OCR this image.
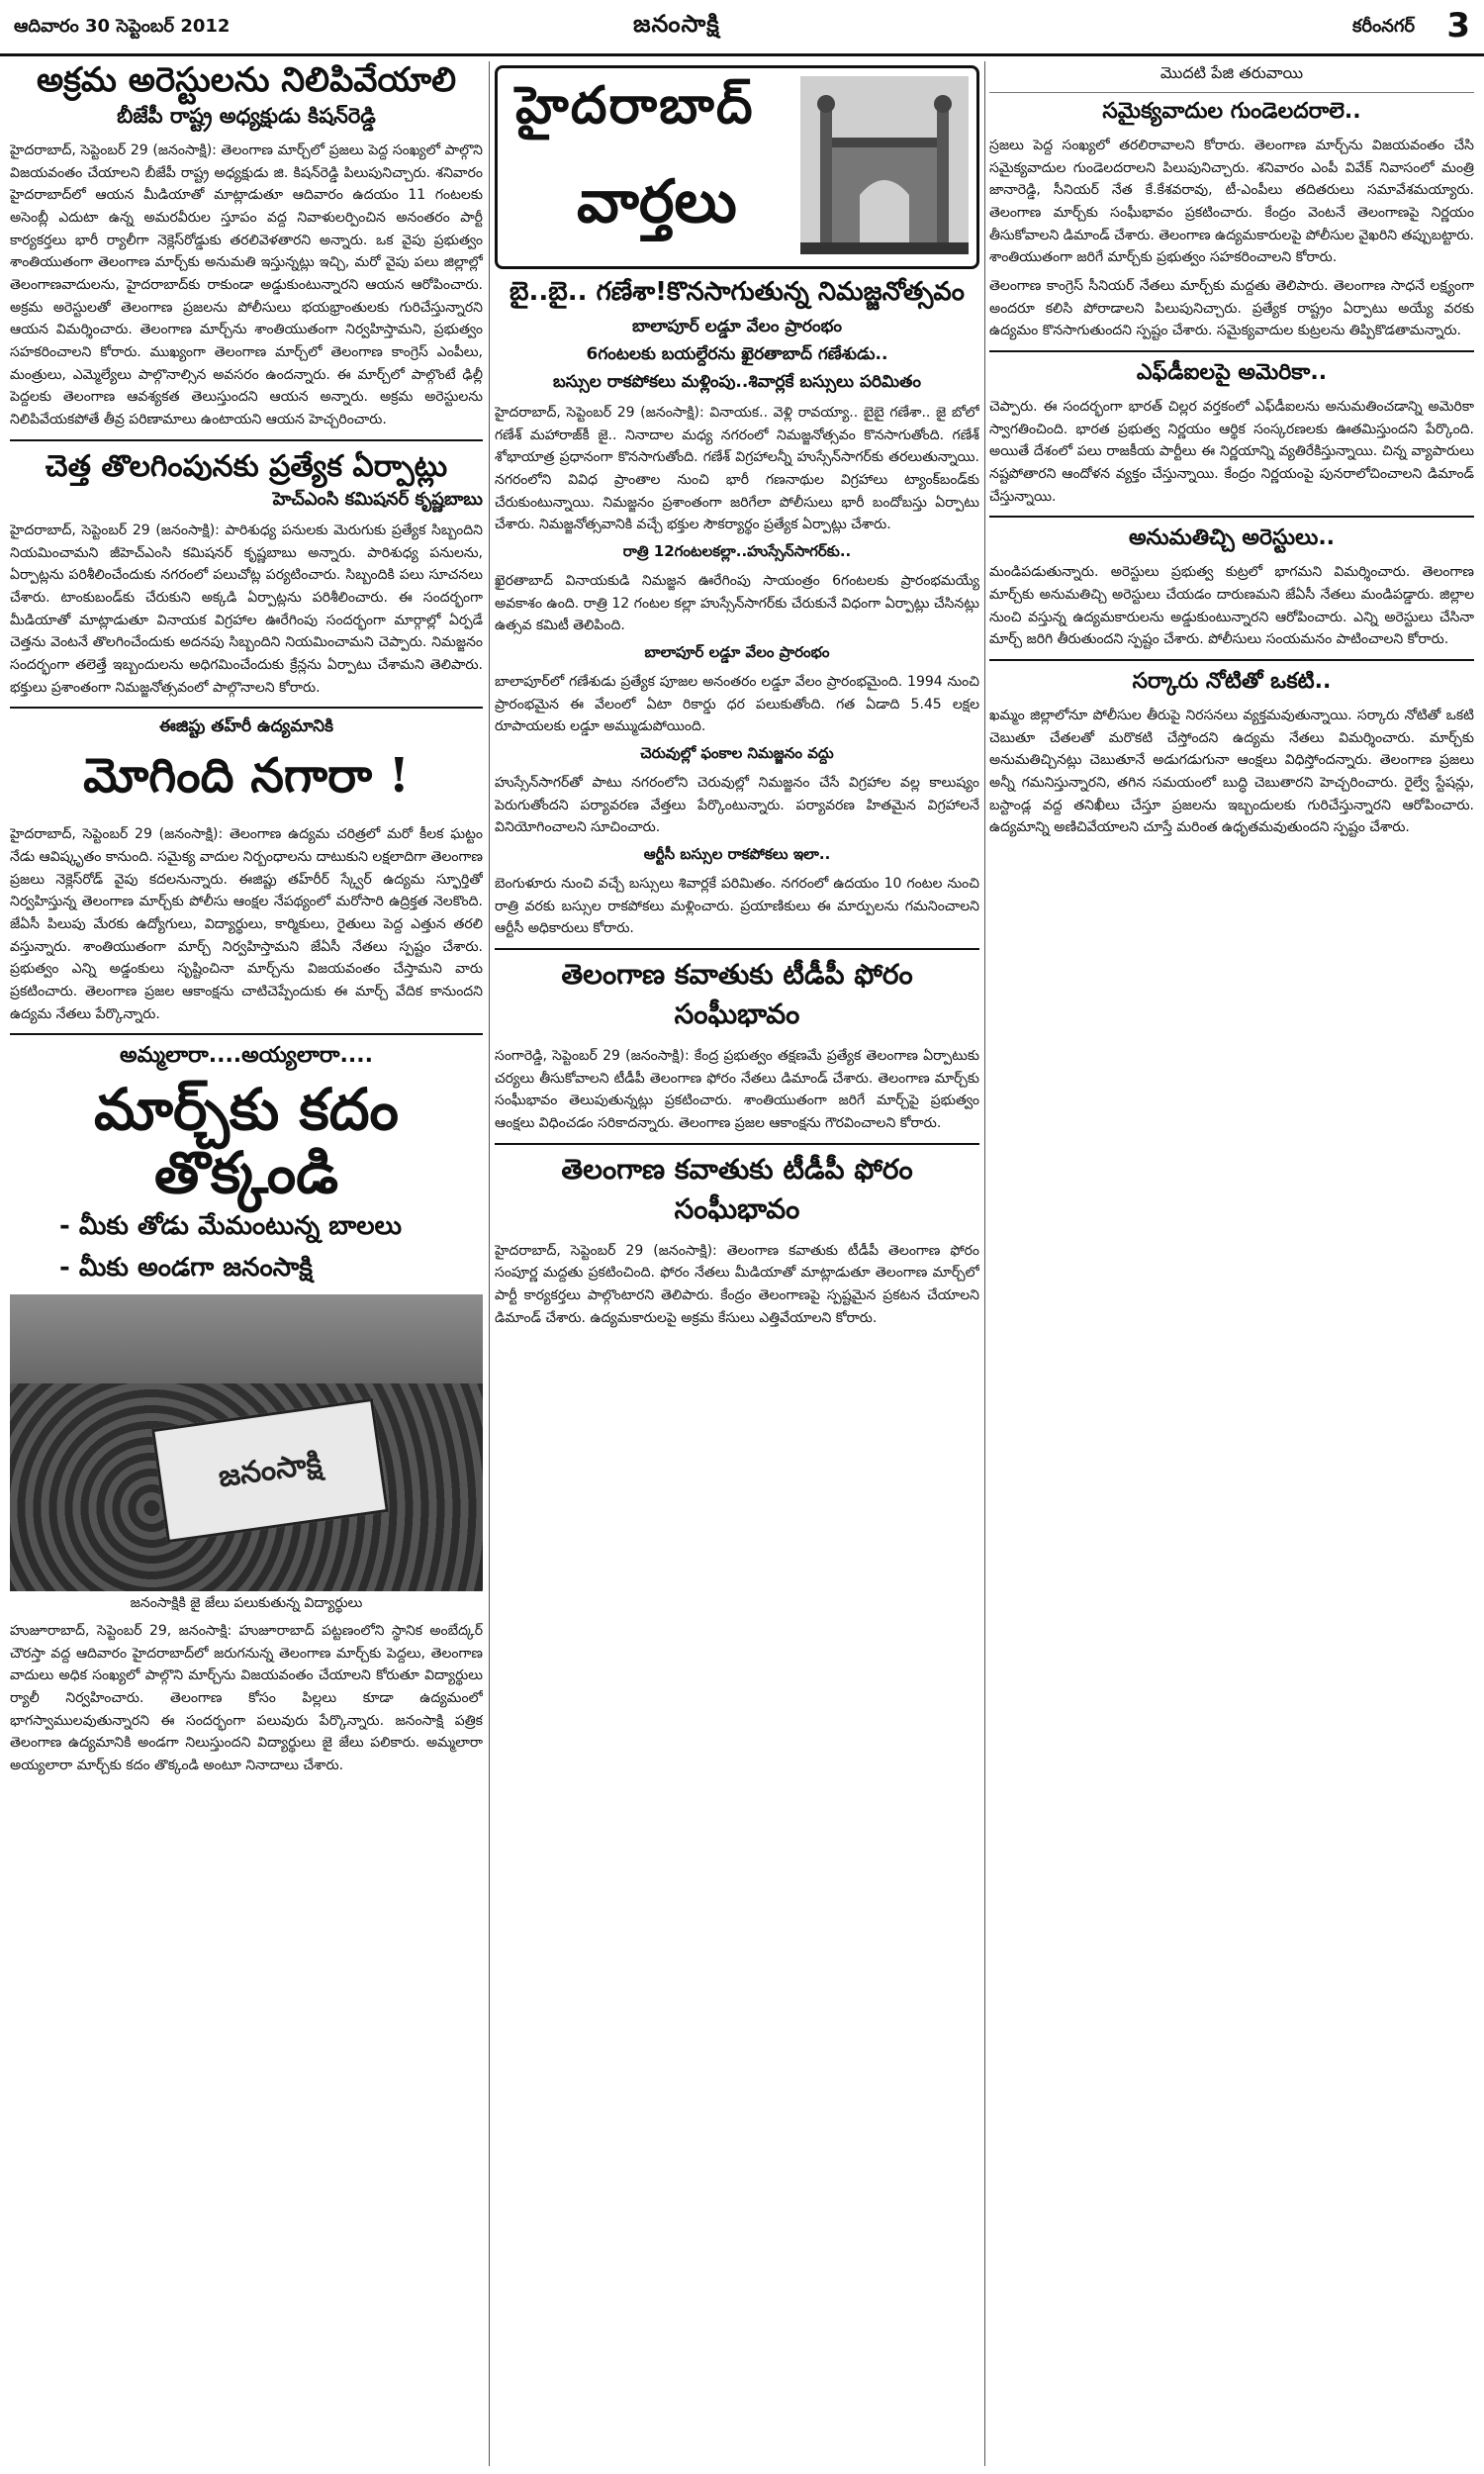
ఆదివారం 30 సెప్టెంబర్ 2012	జనంసాక్షి	కరీంనగర్ 3
అక్రమ అరెస్టులను నిలిపివేయాలి
బీజేపీ రాష్ట్ర అధ్యక్షుడు కిషన్‌రెడ్డి

హైదరాబాద్, సెప్టెంబర్ 29 (జనంసాక్షి): తెలంగాణ మార్చ్‌లో ప్రజలు పెద్ద సంఖ్యలో పాల్గొని విజయవంతం చేయాలని బీజేపీ రాష్ట్ర అధ్యక్షుడు జి. కిషన్‌రెడ్డి పిలుపునిచ్చారు. శనివారం హైదరాబాద్‌లో ఆయన మీడియాతో మాట్లాడుతూ ఆదివారం ఉదయం 11 గంటలకు అసెంబ్లీ ఎదుటా ఉన్న అమరవీరుల స్తూపం వద్ద నివాళులర్పించిన అనంతరం పార్టీ కార్యకర్తలు భారీ ర్యాలీగా నెక్లెస్‌రోడ్డుకు తరలివెళతారని అన్నారు. ఒక వైపు ప్రభుత్వం శాంతియుతంగా తెలంగాణ మార్చ్‌కు అనుమతి ఇస్తున్నట్లు ఇచ్చి, మరో వైపు పలు జిల్లాల్లో తెలంగాణవాదులను, హైదరాబాద్‌కు రాకుండా అడ్డుకుంటున్నారని ఆయన ఆరోపించారు. అక్రమ అరెస్టులతో తెలంగాణ ప్రజలను పోలీసులు భయభ్రాంతులకు గురిచేస్తున్నారని ఆయన విమర్శించారు. తెలంగాణ మార్చ్‌ను శాంతియుతంగా నిర్వహిస్తామని, ప్రభుత్వం సహకరించాలని కోరారు. ముఖ్యంగా తెలంగాణ మార్చ్‌లో తెలంగాణ కాంగ్రెస్ ఎంపీలు, మంత్రులు, ఎమ్మెల్యేలు పాల్గొనాల్సిన అవసరం ఉందన్నారు. ఈ మార్చ్‌లో పాల్గొంటే ఢిల్లీ పెద్దలకు తెలంగాణ ఆవశ్యకత తెలుస్తుందని ఆయన అన్నారు. అక్రమ అరెస్టులను నిలిపివేయకపోతే తీవ్ర పరిణామాలు ఉంటాయని ఆయన హెచ్చరించారు.

చెత్త తొలగింపునకు ప్రత్యేక ఏర్పాట్లు
హెచ్ఎంసి కమిషనర్ కృష్ణబాబు

హైదరాబాద్, సెప్టెంబర్ 29 (జనంసాక్షి): పారిశుధ్య పనులకు మెరుగుకు ప్రత్యేక సిబ్బందిని నియమించామని జీహెచ్ఎంసి కమిషనర్ కృష్ణబాబు అన్నారు. పారిశుధ్య పనులను, ఏర్పాట్లను పరిశీలించేందుకు నగరంలో పలుచోట్ల పర్యటించారు. సిబ్బందికి పలు సూచనలు చేశారు. టాంకుబండ్‌కు చేరుకుని అక్కడి ఏర్పాట్లను పరిశీలించారు. ఈ సందర్భంగా మీడియాతో మాట్లాడుతూ వినాయక విగ్రహాల ఊరేగింపు సందర్భంగా మార్గాల్లో ఏర్పడే చెత్తను వెంటనే తొలగించేందుకు అదనపు సిబ్బందిని నియమించామని చెప్పారు. నిమజ్జనం సందర్భంగా తలెత్తే ఇబ్బందులను అధిగమించేందుకు క్రేన్లను ఏర్పాటు చేశామని తెలిపారు. భక్తులు ప్రశాంతంగా నిమజ్జనోత్సవంలో పాల్గొనాలని కోరారు.

ఈజిప్టు తహ్‌రీ ఉద్యమానికి
మోగింది నగారా !

హైదరాబాద్, సెప్టెంబర్ 29 (జనంసాక్షి): తెలంగాణ ఉద్యమ చరిత్రలో మరో కీలక ఘట్టం నేడు ఆవిష్కృతం కానుంది. సమైక్య వాదుల నిర్బంధాలను దాటుకుని లక్షలాదిగా తెలంగాణ ప్రజలు నెక్లెస్‌రోడ్ వైపు కదలనున్నారు. ఈజిప్టు తహ్‌రీర్ స్క్వేర్ ఉద్యమ స్ఫూర్తితో నిర్వహిస్తున్న తెలంగాణ మార్చ్‌కు పోలీసు ఆంక్షల నేపథ్యంలో మరోసారి ఉద్రిక్తత నెలకొంది. జేఏసీ పిలుపు మేరకు ఉద్యోగులు, విద్యార్థులు, కార్మికులు, రైతులు పెద్ద ఎత్తున తరలి వస్తున్నారు. శాంతియుతంగా మార్చ్ నిర్వహిస్తామని జేఏసీ నేతలు స్పష్టం చేశారు. ప్రభుత్వం ఎన్ని అడ్డంకులు సృష్టించినా మార్చ్‌ను విజయవంతం చేస్తామని వారు ప్రకటించారు. తెలంగాణ ప్రజల ఆకాంక్షను చాటిచెప్పేందుకు ఈ మార్చ్ వేదిక కానుందని ఉద్యమ నేతలు పేర్కొన్నారు.

అమ్మలారా....అయ్యలారా....
మార్చ్‌కు కదం తొక్కండి
- మీకు తోడు మేమంటున్న బాలలు
- మీకు అండగా జనంసాక్షి
జనంసాక్షి
జనంసాక్షికి జై జేలు పలుకుతున్న విద్యార్థులు

హుజూరాబాద్, సెప్టెంబర్ 29, జనంసాక్షి: హుజూరాబాద్ పట్టణంలోని స్థానిక అంబేద్కర్ చౌరస్తా వద్ద ఆదివారం హైదరాబాద్‌లో జరుగనున్న తెలంగాణ మార్చ్‌కు పెద్దలు, తెలంగాణ వాదులు అధిక సంఖ్యలో పాల్గొని మార్చ్‌ను విజయవంతం చేయాలని కోరుతూ విద్యార్థులు ర్యాలీ నిర్వహించారు. తెలంగాణ కోసం పిల్లలు కూడా ఉద్యమంలో భాగస్వాములవుతున్నారని ఈ సందర్భంగా పలువురు పేర్కొన్నారు. జనంసాక్షి పత్రిక తెలంగాణ ఉద్యమానికి అండగా నిలుస్తుందని విద్యార్థులు జై జేలు పలికారు. అమ్మలారా అయ్యలారా మార్చ్‌కు కదం తొక్కండి అంటూ నినాదాలు చేశారు.

హైదరాబాద్
వార్తలు
బై..బై.. గణేశా!కొనసాగుతున్న నిమజ్జనోత్సవం
బాలాపూర్ లడ్డూ వేలం ప్రారంభం
6గంటలకు బయల్దేరను ఖైరతాబాద్ గణేశుడు..
బస్సుల రాకపోకలు మళ్లింపు..శివార్లకే బస్సులు పరిమితం

హైదరాబాద్, సెప్టెంబర్ 29 (జనంసాక్షి): వినాయక.. వెళ్లి రావయ్యా.. బైబై గణేశా.. జై బోలో గణేశ్ మహారాజ్‌కీ జై.. నినాదాల మధ్య నగరంలో నిమజ్జనోత్సవం కొనసాగుతోంది. గణేశ్ శోభాయాత్ర ప్రధానంగా కొనసాగుతోంది. గణేశ్ విగ్రహాలన్నీ హుస్సేన్‌సాగర్‌కు తరలుతున్నాయి. నగరంలోని వివిధ ప్రాంతాల నుంచి భారీ గణనాథుల విగ్రహాలు ట్యాంక్‌బండ్‌కు చేరుకుంటున్నాయి. నిమజ్జనం ప్రశాంతంగా జరిగేలా పోలీసులు భారీ బందోబస్తు ఏర్పాటు చేశారు. నిమజ్జనోత్సవానికి వచ్చే భక్తుల సౌకర్యార్థం ప్రత్యేక ఏర్పాట్లు చేశారు.

రాత్రి 12గంటలకల్లా..హుస్సేన్‌సాగర్‌కు..

ఖైరతాబాద్ వినాయకుడి నిమజ్జన ఊరేగింపు సాయంత్రం 6గంటలకు ప్రారంభమయ్యే అవకాశం ఉంది. రాత్రి 12 గంటల కల్లా హుస్సేన్‌సాగర్‌కు చేరుకునే విధంగా ఏర్పాట్లు చేసినట్లు ఉత్సవ కమిటీ తెలిపింది.

బాలాపూర్ లడ్డూ వేలం ప్రారంభం

బాలాపూర్‌లో గణేశుడు ప్రత్యేక పూజల అనంతరం లడ్డూ వేలం ప్రారంభమైంది. 1994 నుంచి ప్రారంభమైన ఈ వేలంలో ఏటా రికార్డు ధర పలుకుతోంది. గత ఏడాది 5.45 లక్షల రూపాయలకు లడ్డూ అమ్ముడుపోయింది.

చెరువుల్లో ఫంకాల నిమజ్జనం వద్దు

హుస్సేన్‌సాగర్‌తో పాటు నగరంలోని చెరువుల్లో నిమజ్జనం చేసే విగ్రహాల వల్ల కాలుష్యం పెరుగుతోందని పర్యావరణ వేత్తలు పేర్కొంటున్నారు. పర్యావరణ హితమైన విగ్రహాలనే వినియోగించాలని సూచించారు.

ఆర్టీసీ బస్సుల రాకపోకలు ఇలా..

బెంగుళూరు నుంచి వచ్చే బస్సులు శివార్లకే పరిమితం. నగరంలో ఉదయం 10 గంటల నుంచి రాత్రి వరకు బస్సుల రాకపోకలు మళ్లించారు. ప్రయాణికులు ఈ మార్పులను గమనించాలని ఆర్టీసీ అధికారులు కోరారు.

తెలంగాణ కవాతుకు టీడీపీ ఫోరం సంఘీభావం

సంగారెడ్డి, సెప్టెంబర్ 29 (జనంసాక్షి): కేంద్ర ప్రభుత్వం తక్షణమే ప్రత్యేక తెలంగాణ ఏర్పాటుకు చర్యలు తీసుకోవాలని టీడీపీ తెలంగాణ ఫోరం నేతలు డిమాండ్ చేశారు. తెలంగాణ మార్చ్‌కు సంఘీభావం తెలుపుతున్నట్లు ప్రకటించారు. శాంతియుతంగా జరిగే మార్చ్‌పై ప్రభుత్వం ఆంక్షలు విధించడం సరికాదన్నారు. తెలంగాణ ప్రజల ఆకాంక్షను గౌరవించాలని కోరారు.

తెలంగాణ కవాతుకు టీడీపీ ఫోరం సంఘీభావం

హైదరాబాద్, సెప్టెంబర్ 29 (జనంసాక్షి): తెలంగాణ కవాతుకు టీడీపీ తెలంగాణ ఫోరం సంపూర్ణ మద్దతు ప్రకటించింది. ఫోరం నేతలు మీడియాతో మాట్లాడుతూ తెలంగాణ మార్చ్‌లో పార్టీ కార్యకర్తలు పాల్గొంటారని తెలిపారు. కేంద్రం తెలంగాణపై స్పష్టమైన ప్రకటన చేయాలని డిమాండ్ చేశారు. ఉద్యమకారులపై అక్రమ కేసులు ఎత్తివేయాలని కోరారు.

మొదటి పేజి తరువాయి
సమైక్యవాదుల గుండెలదరాలె..

స్రజలు పెద్ద సంఖ్యలో తరలిరావాలని కోరారు. తెలంగాణ మార్చ్‌ను విజయవంతం చేసి సమైక్యవాదుల గుండెలదరాలని పిలుపునిచ్చారు. శనివారం ఎంపీ వివేక్ నివాసంలో మంత్రి జానారెడ్డి, సీనియర్ నేత కే.కేశవరావు, టీ-ఎంపీలు తదితరులు సమావేశమయ్యారు. తెలంగాణ మార్చ్‌కు సంఘీభావం ప్రకటించారు. కేంద్రం వెంటనే తెలంగాణపై నిర్ణయం తీసుకోవాలని డిమాండ్ చేశారు. తెలంగాణ ఉద్యమకారులపై పోలీసుల వైఖరిని తప్పుబట్టారు. శాంతియుతంగా జరిగే మార్చ్‌కు ప్రభుత్వం సహకరించాలని కోరారు.

తెలంగాణ కాంగ్రెస్ సీనియర్ నేతలు మార్చ్‌కు మద్దతు తెలిపారు. తెలంగాణ సాధనే లక్ష్యంగా అందరూ కలిసి పోరాడాలని పిలుపునిచ్చారు. ప్రత్యేక రాష్ట్రం ఏర్పాటు అయ్యే వరకు ఉద్యమం కొనసాగుతుందని స్పష్టం చేశారు. సమైక్యవాదుల కుట్రలను తిప్పికొడతామన్నారు.

ఎఫ్‌డీఐలపై అమెరికా..

చెప్పారు. ఈ సందర్భంగా భారత్ చిల్లర వర్తకంలో ఎఫ్‌డీఐలను అనుమతించడాన్ని అమెరికా స్వాగతించింది. భారత ప్రభుత్వ నిర్ణయం ఆర్థిక సంస్కరణలకు ఊతమిస్తుందని పేర్కొంది. అయితే దేశంలో పలు రాజకీయ పార్టీలు ఈ నిర్ణయాన్ని వ్యతిరేకిస్తున్నాయి. చిన్న వ్యాపారులు నష్టపోతారని ఆందోళన వ్యక్తం చేస్తున్నాయి. కేంద్రం నిర్ణయంపై పునరాలోచించాలని డిమాండ్ చేస్తున్నాయి.

అనుమతిచ్చి అరెస్టులు..

మండిపడుతున్నారు. అరెస్టులు ప్రభుత్వ కుట్రలో భాగమని విమర్శించారు. తెలంగాణ మార్చ్‌కు అనుమతిచ్చి అరెస్టులు చేయడం దారుణమని జేఏసీ నేతలు మండిపడ్డారు. జిల్లాల నుంచి వస్తున్న ఉద్యమకారులను అడ్డుకుంటున్నారని ఆరోపించారు. ఎన్ని అరెస్టులు చేసినా మార్చ్ జరిగి తీరుతుందని స్పష్టం చేశారు. పోలీసులు సంయమనం పాటించాలని కోరారు.

సర్కారు నోటితో ఒకటి..

ఖమ్మం జిల్లాలోనూ పోలీసుల తీరుపై నిరసనలు వ్యక్తమవుతున్నాయి. సర్కారు నోటితో ఒకటి చెబుతూ చేతలతో మరొకటి చేస్తోందని ఉద్యమ నేతలు విమర్శించారు. మార్చ్‌కు అనుమతిచ్చినట్లు చెబుతూనే అడుగడుగునా ఆంక్షలు విధిస్తోందన్నారు. తెలంగాణ ప్రజలు అన్నీ గమనిస్తున్నారని, తగిన సమయంలో బుద్ధి చెబుతారని హెచ్చరించారు. రైల్వే స్టేషన్లు, బస్టాండ్ల వద్ద తనిఖీలు చేస్తూ ప్రజలను ఇబ్బందులకు గురిచేస్తున్నారని ఆరోపించారు. ఉద్యమాన్ని అణిచివేయాలని చూస్తే మరింత ఉధృతమవుతుందని స్పష్టం చేశారు.
